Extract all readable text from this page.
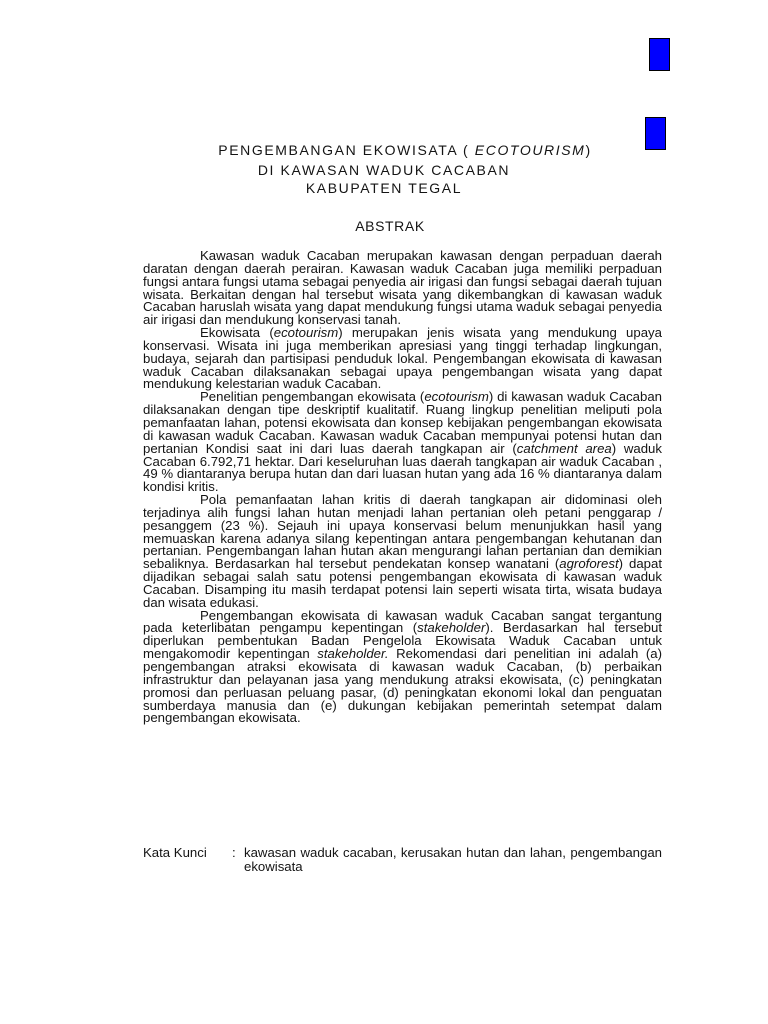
PENGEMBANGAN EKOWISATA ( ECOTOURISM)
DI KAWASAN WADUK CACABAN
KABUPATEN TEGAL
ABSTRAK

Kawasan waduk Cacaban merupakan kawasan dengan perpaduan daerah daratan dengan daerah perairan. Kawasan waduk Cacaban juga memiliki perpaduan fungsi antara fungsi utama sebagai penyedia air irigasi dan fungsi sebagai daerah tujuan wisata. Berkaitan dengan hal tersebut wisata yang dikembangkan di kawasan waduk Cacaban haruslah wisata yang dapat mendukung fungsi utama waduk sebagai penyedia air irigasi dan mendukung konservasi tanah.

Ekowisata (ecotourism) merupakan jenis wisata yang mendukung upaya konservasi. Wisata ini juga memberikan apresiasi yang tinggi terhadap lingkungan, budaya, sejarah dan partisipasi penduduk lokal. Pengembangan ekowisata di kawasan waduk Cacaban dilaksanakan sebagai upaya pengembangan wisata yang dapat mendukung kelestarian waduk Cacaban.

Penelitian pengembangan ekowisata (ecotourism) di kawasan waduk Cacaban dilaksanakan dengan tipe deskriptif kualitatif. Ruang lingkup penelitian meliputi pola pemanfaatan lahan, potensi ekowisata dan konsep kebijakan pengembangan ekowisata di kawasan waduk Cacaban. Kawasan waduk Cacaban mempunyai potensi hutan dan pertanian Kondisi saat ini dari luas daerah tangkapan air (catchment area) waduk Cacaban 6.792,71 hektar. Dari keseluruhan luas daerah tangkapan air waduk Cacaban , 49 % diantaranya berupa hutan dan dari luasan hutan yang ada 16 % diantaranya dalam kondisi kritis.

Pola pemanfaatan lahan kritis di daerah tangkapan air didominasi oleh terjadinya alih fungsi lahan hutan menjadi lahan pertanian oleh petani penggarap / pesanggem (23 %). Sejauh ini upaya konservasi belum menunjukkan hasil yang memuaskan karena adanya silang kepentingan antara pengembangan kehutanan dan pertanian. Pengembangan lahan hutan akan mengurangi lahan pertanian dan demikian sebaliknya. Berdasarkan hal tersebut pendekatan konsep wanatani (agroforest) dapat dijadikan sebagai salah satu potensi pengembangan ekowisata di kawasan waduk Cacaban. Disamping itu masih terdapat potensi lain seperti wisata tirta, wisata budaya dan wisata edukasi.

Pengembangan ekowisata di kawasan waduk Cacaban sangat tergantung pada keterlibatan pengampu kepentingan (stakeholder). Berdasarkan hal tersebut diperlukan pembentukan Badan Pengelola Ekowisata Waduk Cacaban untuk mengakomodir kepentingan stakeholder. Rekomendasi dari penelitian ini adalah (a) pengembangan atraksi ekowisata di kawasan waduk Cacaban, (b) perbaikan infrastruktur dan pelayanan jasa yang mendukung atraksi ekowisata, (c) peningkatan promosi dan perluasan peluang pasar, (d) peningkatan ekonomi lokal dan penguatan sumberdaya manusia dan (e) dukungan kebijakan pemerintah setempat dalam pengembangan ekowisata.

Kata Kunci : kawasan waduk cacaban, kerusakan hutan dan lahan, pengembangan ekowisata
